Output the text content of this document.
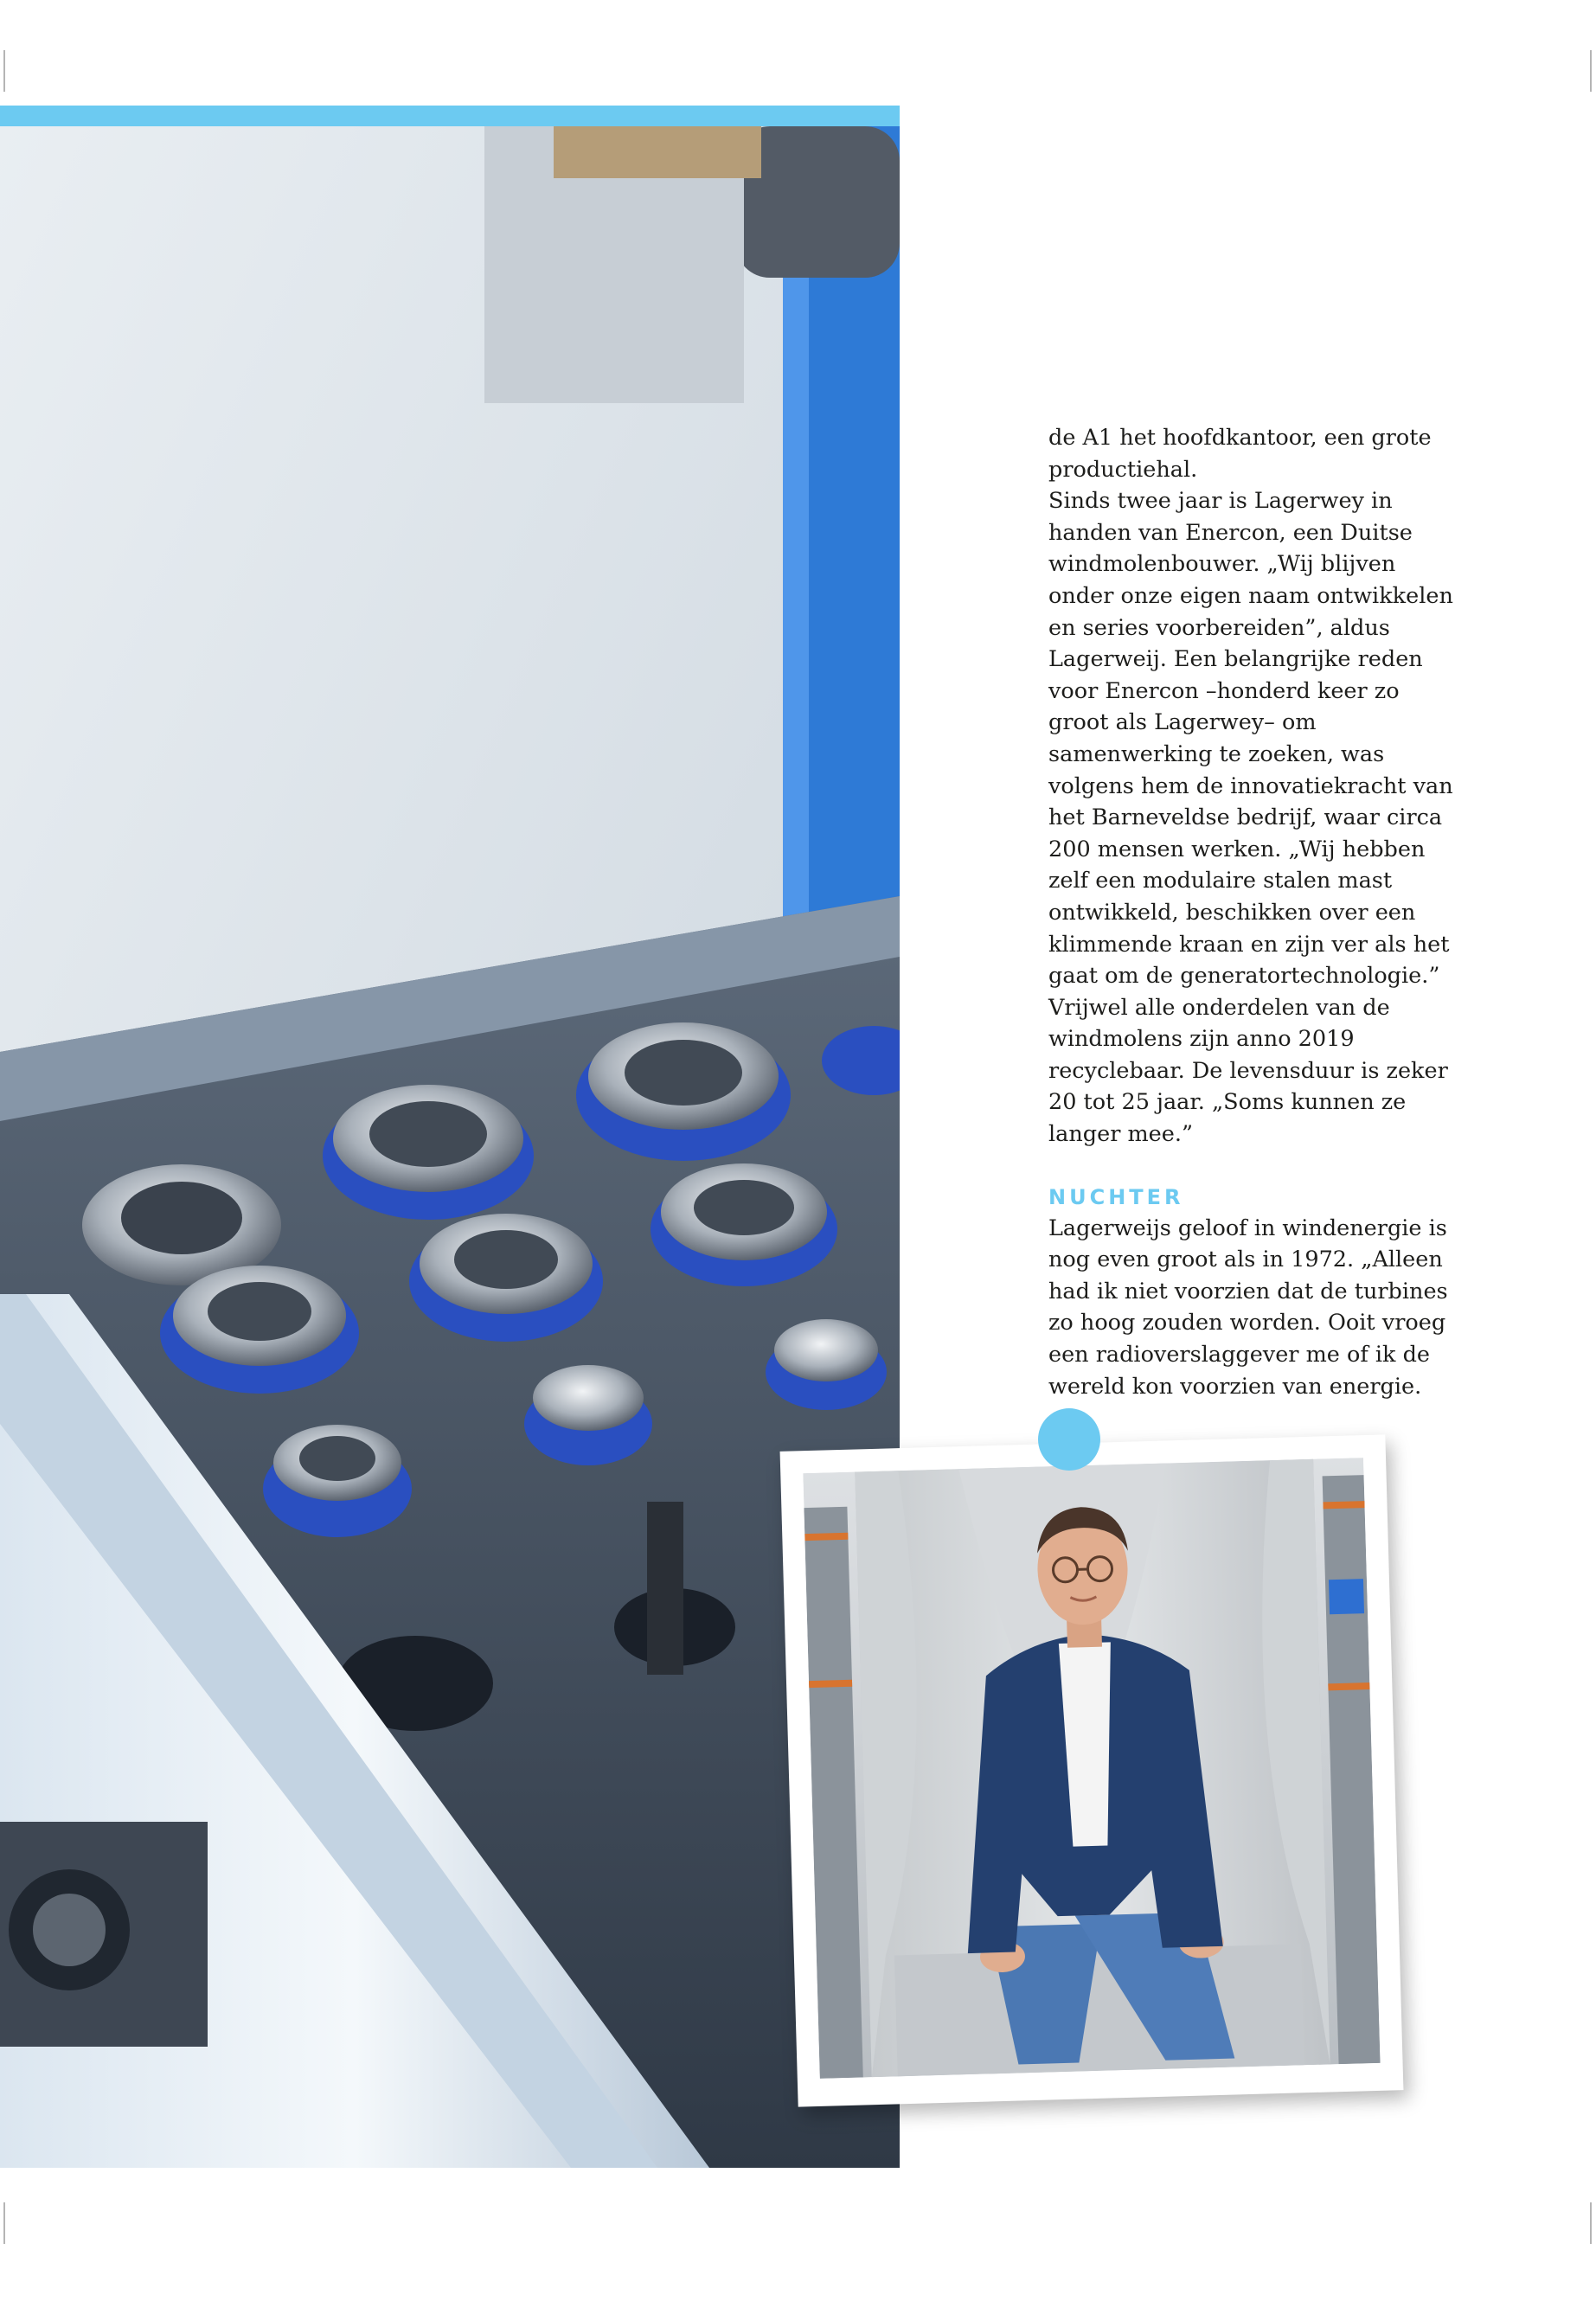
de A1 het hoofdkantoor, een grote productiehal.

Sinds twee jaar is Lagerwey in handen van Enercon, een Duitse windmolenbouwer. „Wij blijven onder onze eigen naam ontwikkelen en series voorbereiden”, aldus Lagerweij. Een belangrijke reden voor Enercon –honderd keer zo groot als Lagerwey– om samenwerking te zoeken, was volgens hem de innovatiekracht van het Barneveldse bedrijf, waar circa 200 mensen werken. „Wij hebben zelf een modulaire stalen mast ontwikkeld, beschikken over een klimmende kraan en zijn ver als het gaat om de generatortechnologie.” Vrijwel alle onderdelen van de windmolens zijn anno 2019 recyclebaar. De levensduur is zeker 20 tot 25 jaar. „Soms kunnen ze langer mee.”

NUCHTER

Lagerweijs geloof in windenergie is nog even groot als in 1972. „Alleen had ik niet voorzien dat de turbines zo hoog zouden worden. Ooit vroeg een radioverslaggever me of ik de wereld kon voorzien van energie.
